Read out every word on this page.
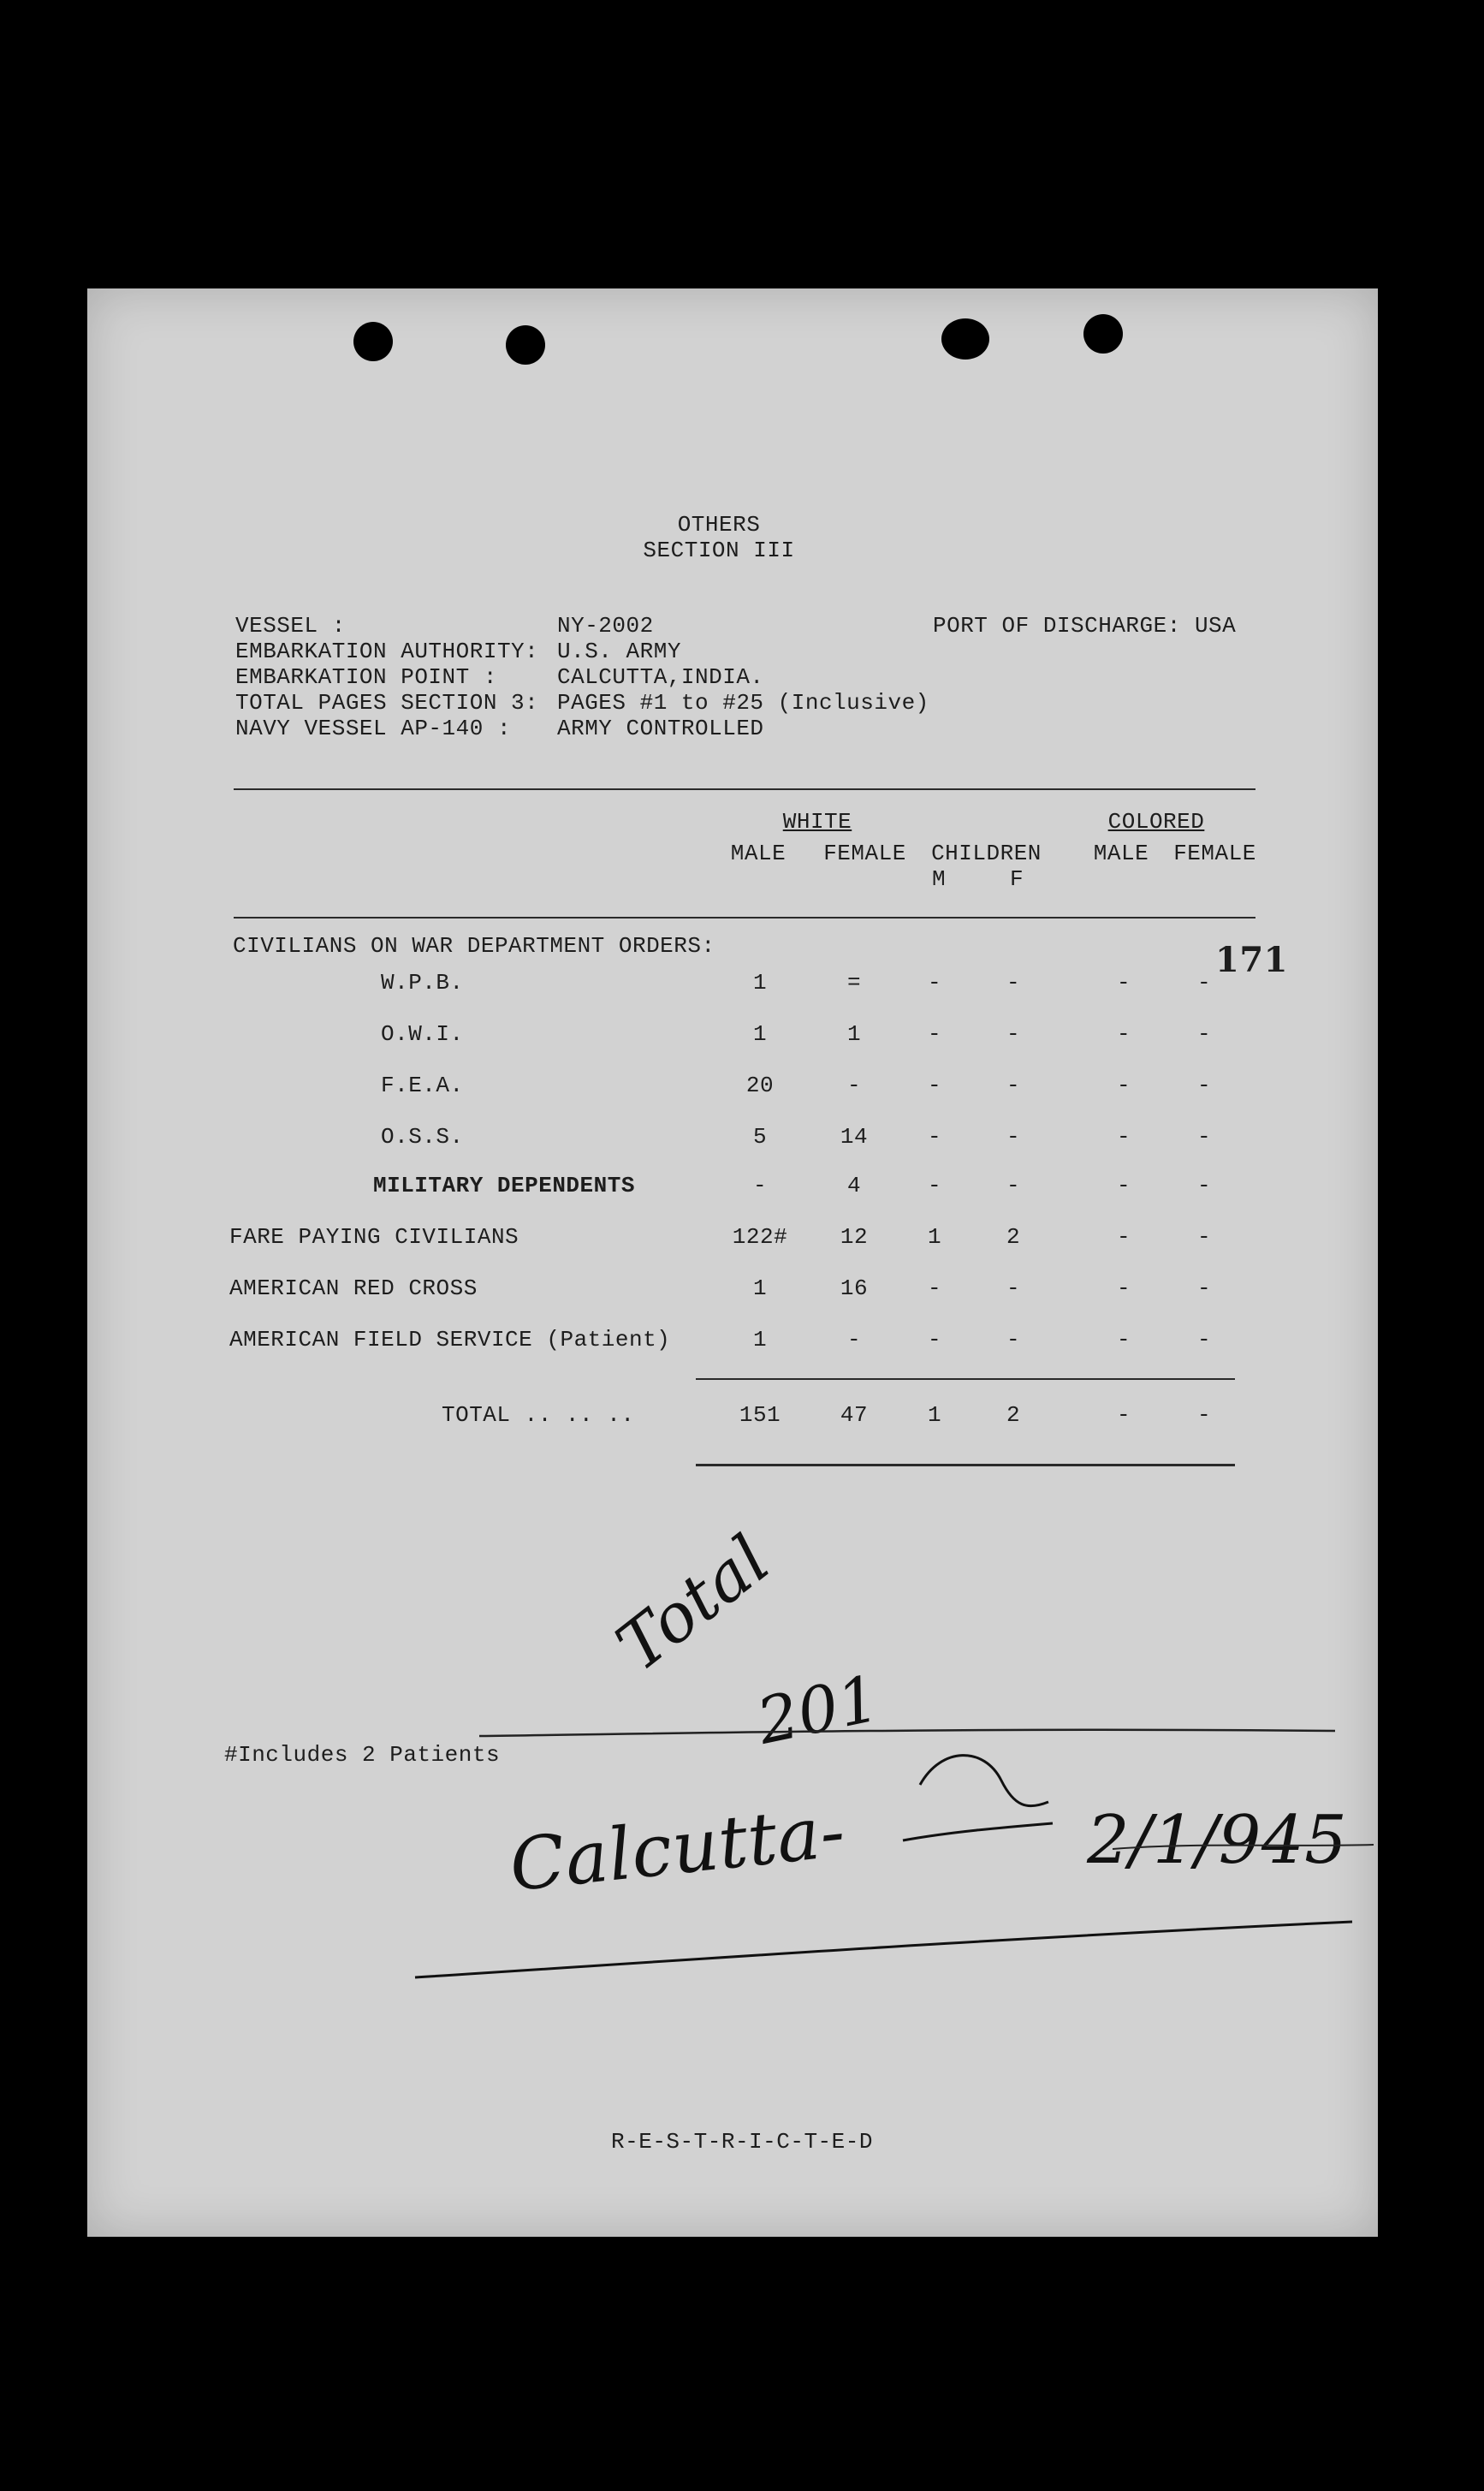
OTHERS
SECTION III
VESSEL :	NY-2002
EMBARKATION AUTHORITY: U.S. ARMY
EMBARKATION POINT :	CALCUTTA,INDIA.
TOTAL PAGES SECTION 3: PAGES #1 to #25 (Inclusive)
NAVY VESSEL AP-140 : ARMY CONTROLLED
PORT OF DISCHARGE: USA
WHITE	COLORED
MALE	FEMALE	CHILDREN
M	F
MALE	FEMALE
CIVILIANS ON WAR DEPARTMENT ORDERS:	171
W.P.B.	1	=	-	-	-	-
O.W.I.	1	1	-	-	-	-
F.E.A.	20	-	-	-	-	-
O.S.S.	5	14	-	-	-	-
MILITARY DEPENDENTS	-	4	-	-	-	-
FARE PAYING CIVILIANS	122#	12	1	2	-	-
AMERICAN RED CROSS	1	16	-	-	-	-
AMERICAN FIELD SERVICE (Patient)	1	-	-	-	-	-
TOTAL .. .. ..	151	47	1	2	-	-
#Includes 2 Patients
Total
201
Calcutta-	2/1/945
R-E-S-T-R-I-C-T-E-D
